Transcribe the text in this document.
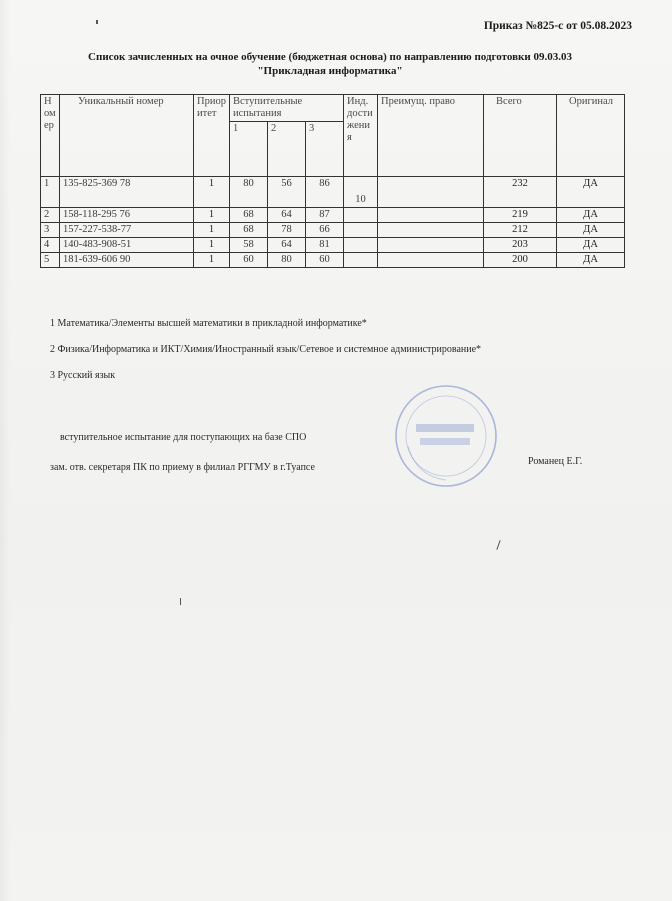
Приказ №825-с от 05.08.2023
Список зачисленных на очное обучение (бюджетная основа) по направлению подготовки 09.03.03
"Прикладная информатика"
Номер	Уникальный номер	Приоритет	Вступительные испытания			Инд. достижения	Преимущ. право	Всего	Оригинал
			1	2	3				
1	135-825-369 78	1	80	56	86	10		232	ДА
2	158-118-295 76	1	68	64	87			219	ДА
3	157-227-538-77	1	68	78	66			212	ДА
4	140-483-908-51	1	58	64	81			203	ДА
5	181-639-606 90	1	60	80	60			200	ДА
1 Математика/Элементы высшей математики в прикладной информатике*
2 Физика/Информатика и ИКТ/Химия/Иностранный язык/Сетевое и системное администрирование*
3 Русский язык
вступительное испытание для поступающих на базе СПО
зам. отв. секретаря ПК по приему в филиал РГГМУ в г.Туапсе
Романец Е.Г.
